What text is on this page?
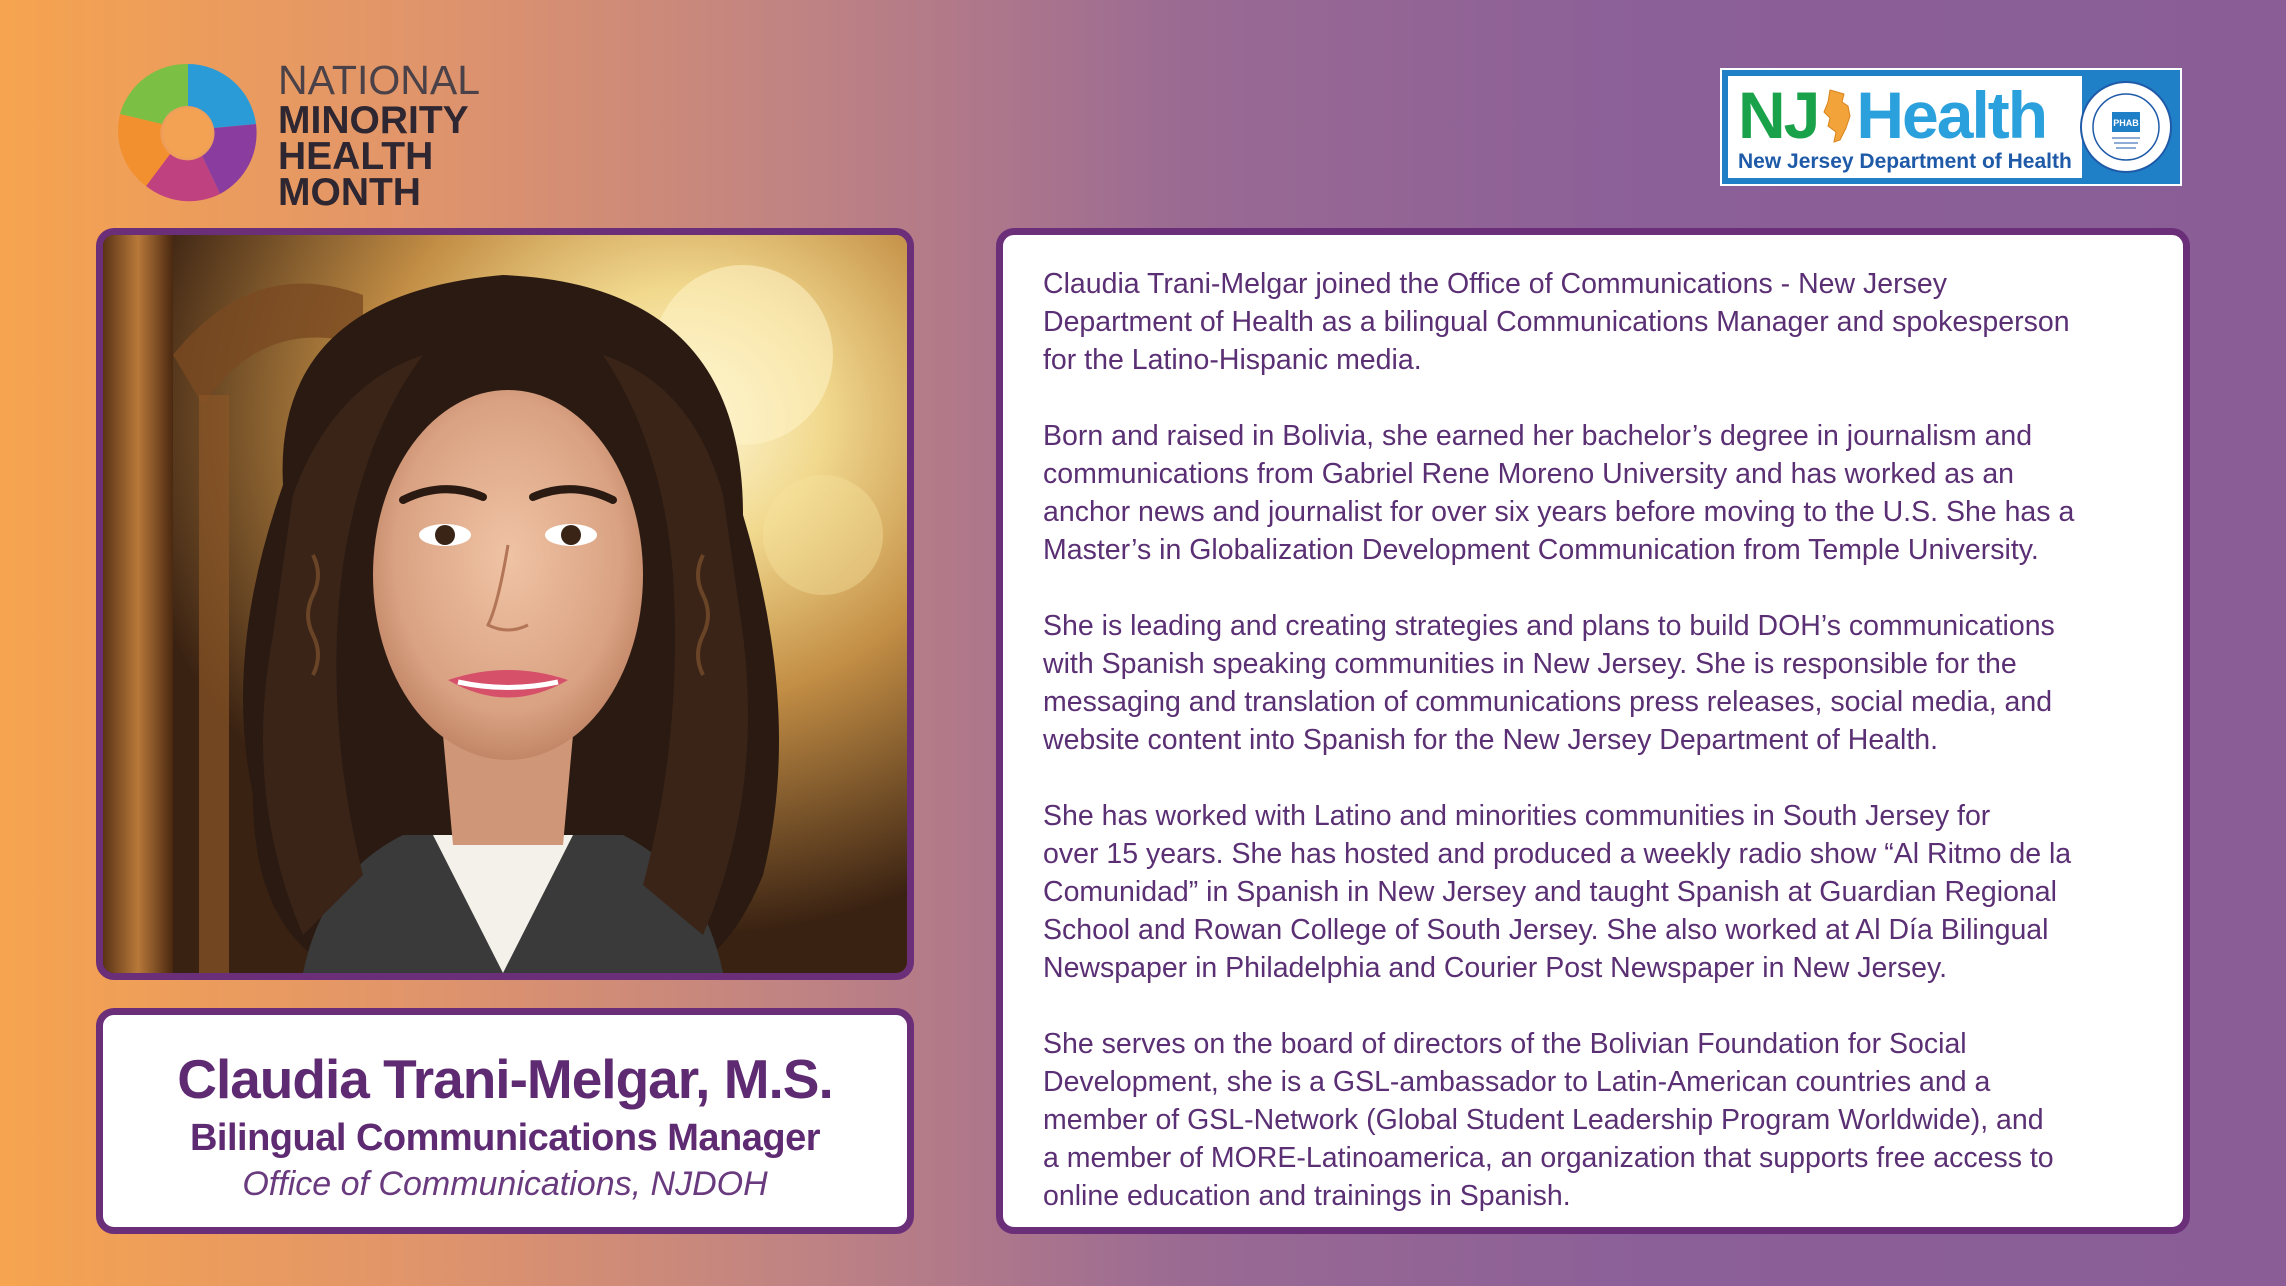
NATIONAL
MINORITY
HEALTH
MONTH
NJ Health
New Jersey Department of Health
PHAB
Claudia Trani-Melgar, M.S.
Bilingual Communications Manager
Office of Communications, NJDOH

Claudia Trani-Melgar joined the Office of Communications - New Jersey
Department of Health as a bilingual Communications Manager and spokesperson
for the Latino-Hispanic media.

Born and raised in Bolivia, she earned her bachelor’s degree in journalism and
communications from Gabriel Rene Moreno University and has worked as an
anchor news and journalist for over six years before moving to the U.S. She has a
Master’s in Globalization Development Communication from Temple University.

She is leading and creating strategies and plans to build DOH’s communications
with Spanish speaking communities in New Jersey. She is responsible for the
messaging and translation of communications press releases, social media, and
website content into Spanish for the New Jersey Department of Health.

She has worked with Latino and minorities communities in South Jersey for
over 15 years. She has hosted and produced a weekly radio show “Al Ritmo de la
Comunidad” in Spanish in New Jersey and taught Spanish at Guardian Regional
School and Rowan College of South Jersey. She also worked at Al Día Bilingual
Newspaper in Philadelphia and Courier Post Newspaper in New Jersey.

She serves on the board of directors of the Bolivian Foundation for Social
Development, she is a GSL-ambassador to Latin-American countries and a
member of GSL-Network (Global Student Leadership Program Worldwide), and
a member of MORE-Latinoamerica, an organization that supports free access to
online education and trainings in Spanish.
